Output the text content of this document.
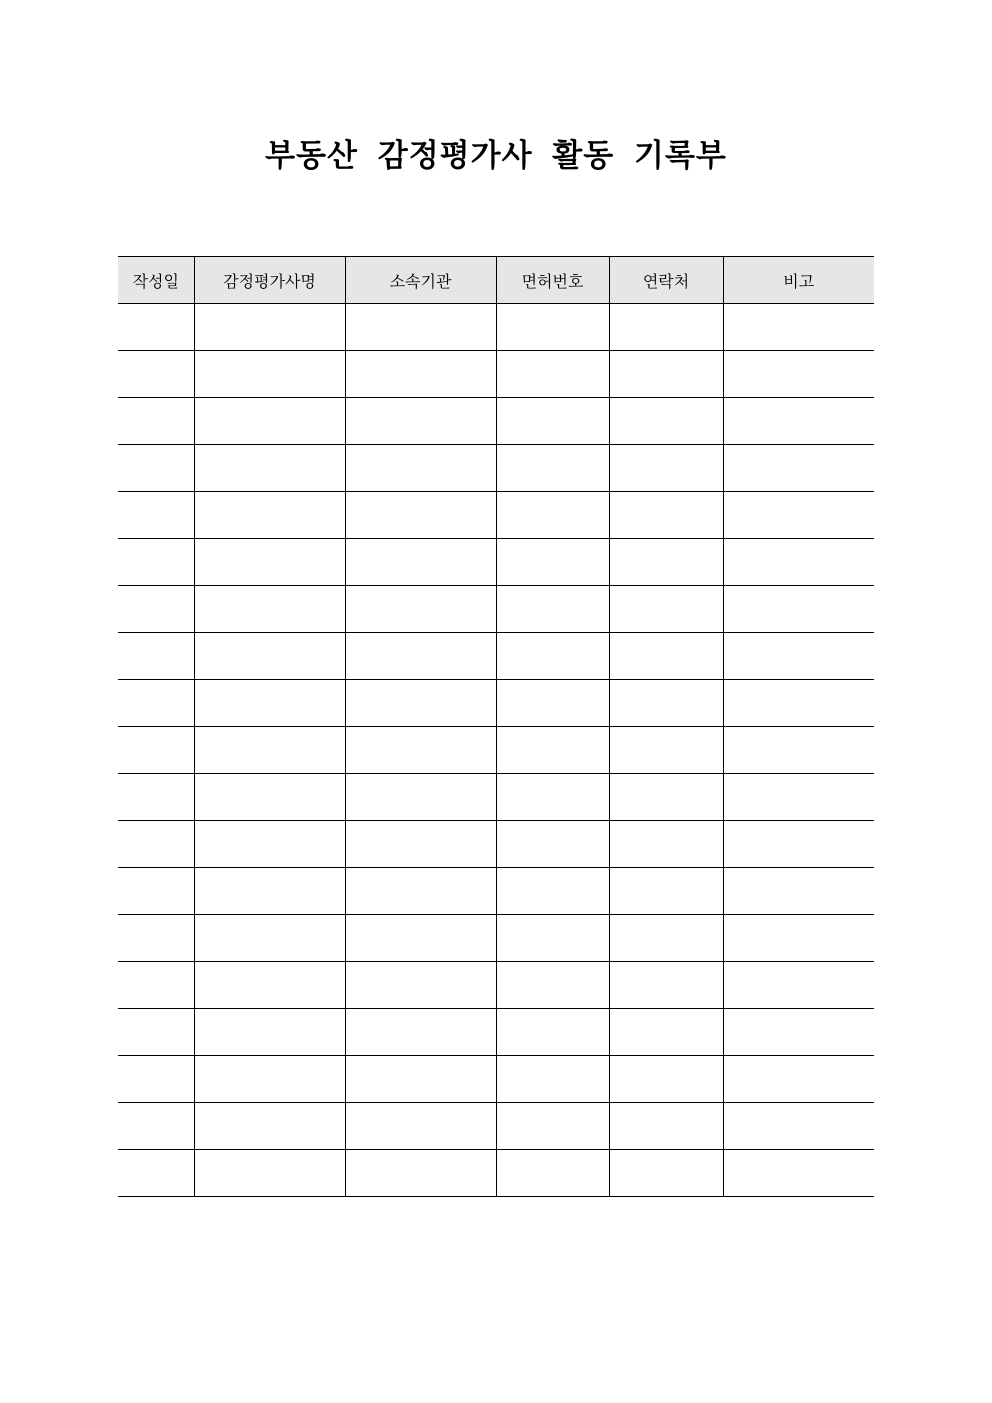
부동산 감정평가사 활동 기록부
작성일	감정평가사명	소속기관	면허번호	연락처	비고
